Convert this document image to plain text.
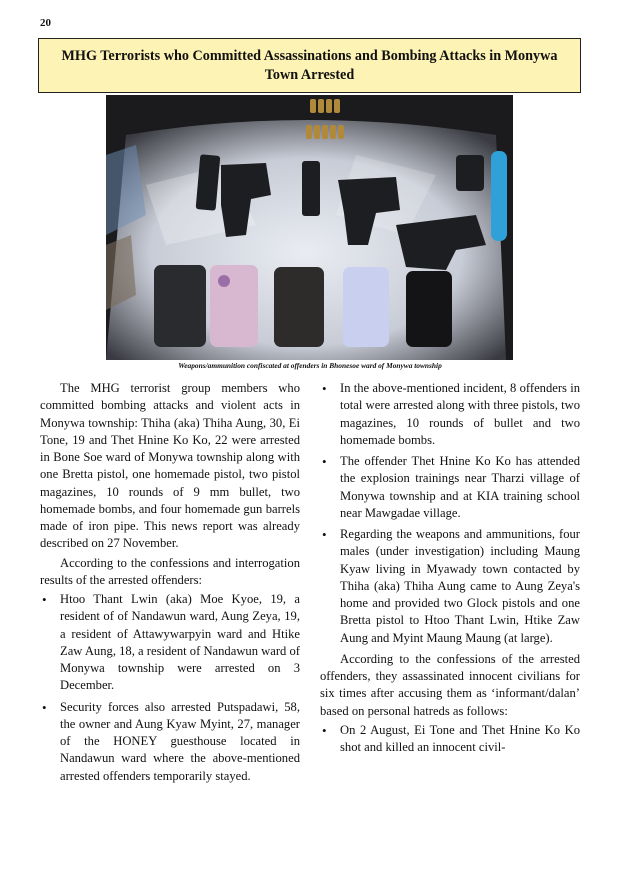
20
MHG Terrorists who Committed Assassinations and Bombing Attacks in Monywa Town Arrested
Weapons/ammunition confiscated at offenders in Bhonesoe ward of Monywa township

The MHG terrorist group members who committed bombing attacks and violent acts in Monywa township: Thiha (aka) Thiha Aung, 30, Ei Tone, 19 and Thet Hnine Ko Ko, 22 were arrested in Bone Soe ward of Monywa township along with one Bretta pistol, one homemade pistol, two pistol magazines, 10 rounds of 9 mm bullet, two homemade bombs, and four homemade gun barrels made of iron pipe. This news report was already described on 27 November.

According to the confessions and interrogation results of the arrested offenders:

• Htoo Thant Lwin (aka) Moe Kyoe, 19, a resident of of Nandawun ward, Aung Zeya, 19, a resident of Attawywarpyin ward and Htike Zaw Aung, 18, a resident of Nandawun ward of Monywa township were arrested on 3 December.
• Security forces also arrested Putspadawi, 58, the owner and Aung Kyaw Myint, 27, manager of the HONEY guesthouse located in Nandawun ward where the above-mentioned arrested offenders temporarily stayed.
• In the above-mentioned incident, 8 offenders in total were arrested along with three pistols, two magazines, 10 rounds of bullet and two homemade bombs.
• The offender Thet Hnine Ko Ko has attended the explosion trainings near Tharzi village of Monywa township and at KIA training school near Mawgadae village.
• Regarding the weapons and ammunitions, four males (under investigation) including Maung Kyaw living in Myawady town contacted by Thiha (aka) Thiha Aung came to Aung Zeya's home and provided two Glock pistols and one Bretta pistol to Htoo Thant Lwin, Htike Zaw Aung and Myint Maung Maung (at large).

According to the confessions of the arrested offenders, they assassinated innocent civilians for six times after accusing them as ‘informant/dalan’ based on personal hatreds as follows:

• On 2 August, Ei Tone and Thet Hnine Ko Ko shot and killed an innocent civil-
